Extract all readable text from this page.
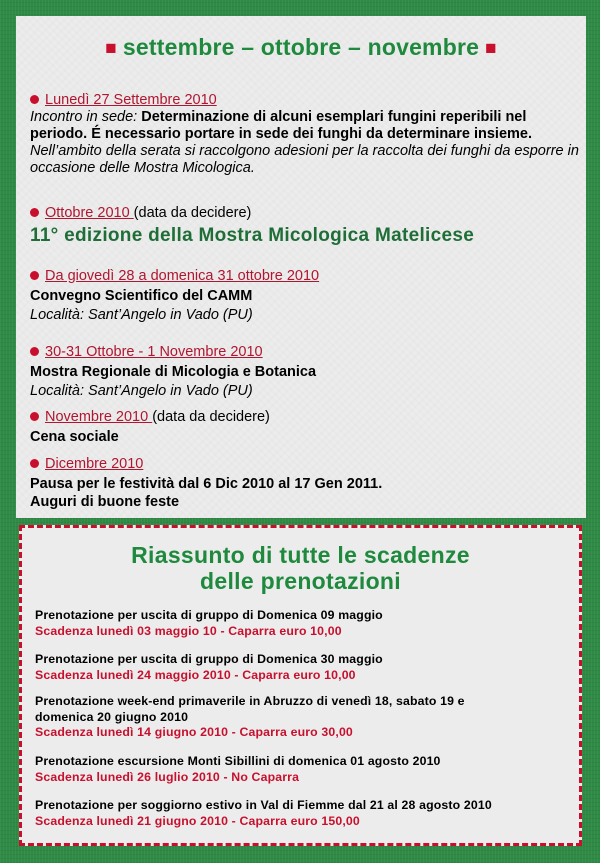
■ settembre – ottobre – novembre ■
Lunedì 27 Settembre 2010
Incontro in sede: Determinazione di alcuni esemplari fungini reperibili nel periodo. É necessario portare in sede dei funghi da determinare insieme. Nell’ambito della serata si raccolgono adesioni per la raccolta dei funghi da esporre in occasione delle Mostra Micologica.
Ottobre 2010 (data da decidere)
11° edizione della Mostra Micologica Matelicese
Da giovedì 28 a domenica 31 ottobre 2010
Convegno Scientifico del CAMM
Località: Sant’Angelo in Vado (PU)
30-31 Ottobre - 1 Novembre 2010
Mostra Regionale di Micologia e Botanica
Località: Sant’Angelo in Vado (PU)
Novembre 2010 (data da decidere)
Cena sociale
Dicembre 2010
Pausa per le festività dal 6 Dic 2010 al 17 Gen 2011.
Auguri di buone feste
Riassunto di tutte le scadenze
delle prenotazioni
Prenotazione per uscita di gruppo di Domenica 09 maggio
Scadenza lunedì 03 maggio 10 - Caparra euro 10,00
Prenotazione per uscita di gruppo di Domenica 30 maggio
Scadenza lunedì 24 maggio 2010 - Caparra euro 10,00
Prenotazione week-end primaverile in Abruzzo di venedì 18, sabato 19 e
domenica 20 giugno 2010
Scadenza lunedì 14 giugno 2010 - Caparra euro 30,00
Prenotazione escursione Monti Sibillini di domenica 01 agosto 2010
Scadenza lunedì 26 luglio 2010 - No Caparra
Prenotazione per soggiorno estivo in Val di Fiemme dal 21 al 28 agosto 2010
Scadenza lunedì 21 giugno 2010 - Caparra euro 150,00
